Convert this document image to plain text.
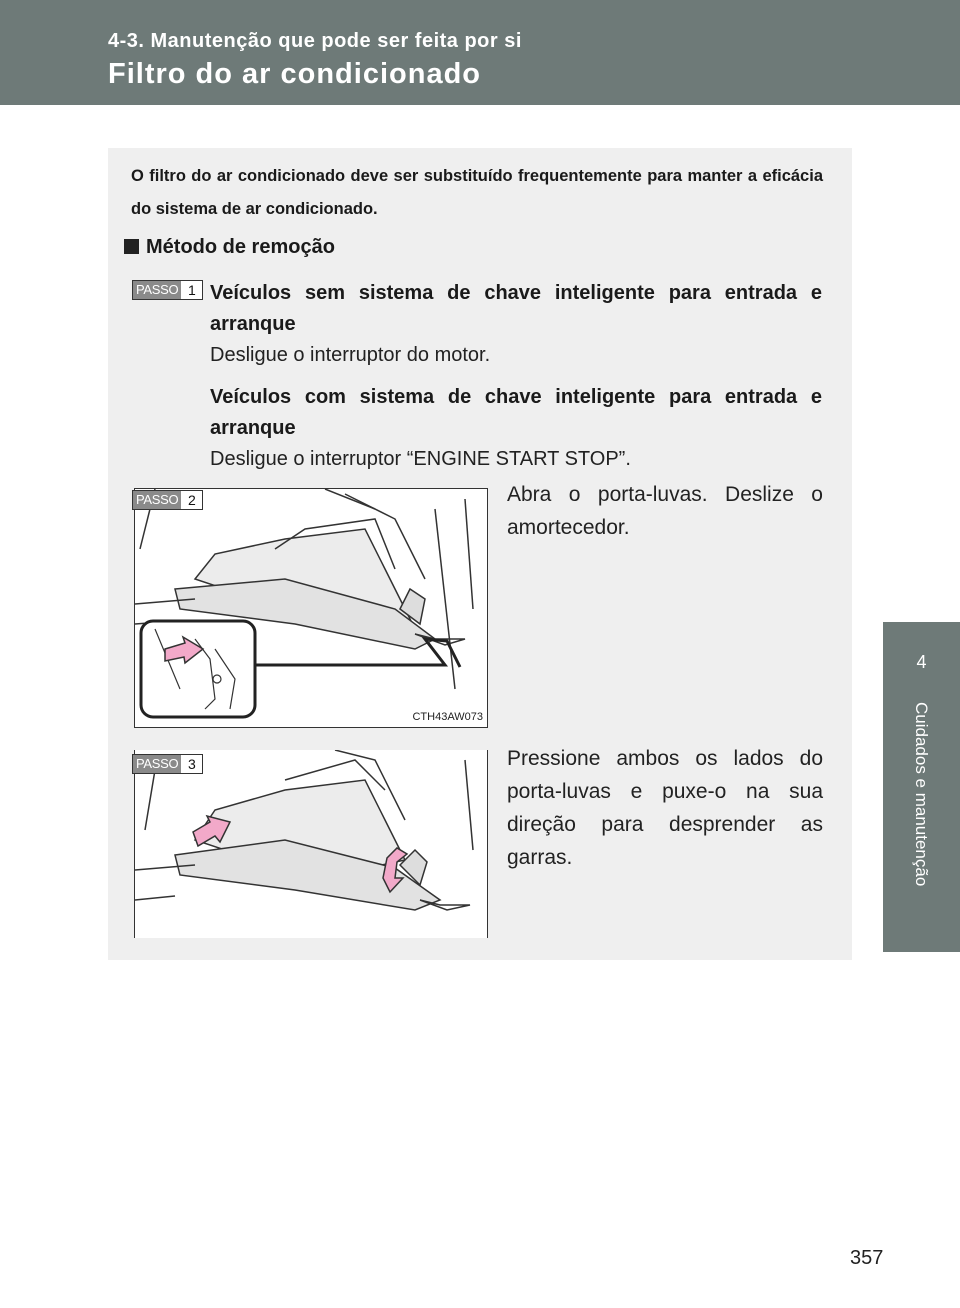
4-3. Manutenção que pode ser feita por si
Filtro do ar condicionado
4
Cuidados e manutenção

O filtro do ar condicionado deve ser substituído frequentemente para manter a eficácia do sistema de ar condicionado.

Método de remoção
PASSO 1 Veículos sem sistema de chave inteligente para entrada e arranque
Desligue o interruptor do motor.
Veículos com sistema de chave inteligente para entrada e arranque
Desligue o interruptor “ENGINE START STOP”.
CTH43AW073
PASSO 2	Abra o porta-luvas. Deslize o amortecedor.
PASSO 3	Pressione ambos os lados do porta-luvas e puxe-o na sua direção para desprender as garras.
357
